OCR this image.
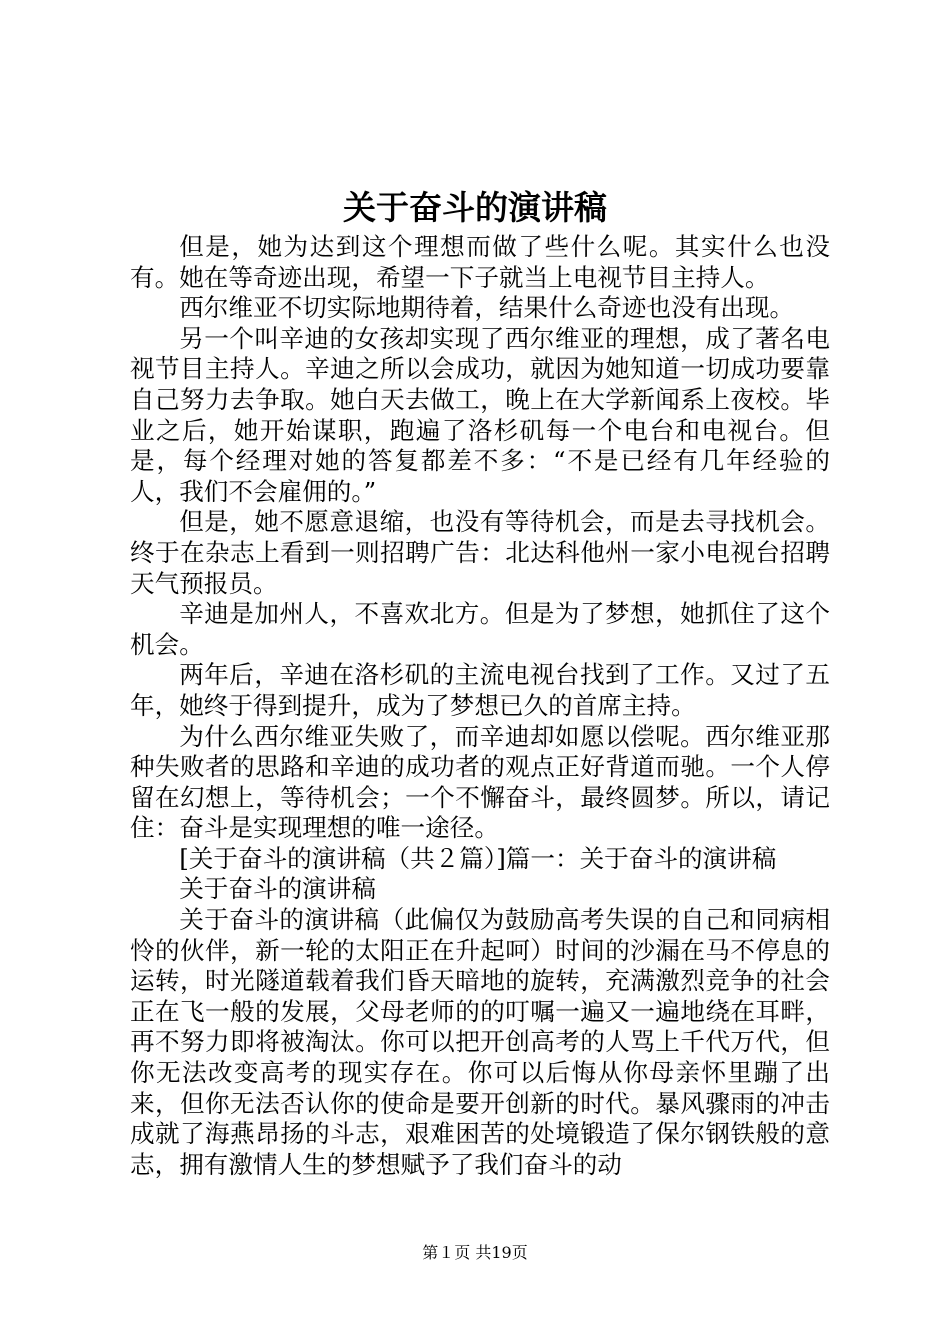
关于奋斗的演讲稿

但是，她为达到这个理想而做了些什么呢。其实什么也没有。她在等奇迹出现，希望一下子就当上电视节目主持人。

西尔维亚不切实际地期待着，结果什么奇迹也没有出现。

另一个叫辛迪的女孩却实现了西尔维亚的理想，成了著名电视节目主持人。辛迪之所以会成功，就因为她知道一切成功要靠自己努力去争取。她白天去做工，晚上在大学新闻系上夜校。毕业之后，她开始谋职，跑遍了洛杉矶每一个电台和电视台。但是，每个经理对她的答复都差不多：“不是已经有几年经验的人，我们不会雇佣的。”

但是，她不愿意退缩，也没有等待机会，而是去寻找机会。终于在杂志上看到一则招聘广告：北达科他州一家小电视台招聘天气预报员。

辛迪是加州人，不喜欢北方。但是为了梦想，她抓住了这个机会。

两年后，辛迪在洛杉矶的主流电视台找到了工作。又过了五年，她终于得到提升，成为了梦想已久的首席主持。

为什么西尔维亚失败了，而辛迪却如愿以偿呢。西尔维亚那种失败者的思路和辛迪的成功者的观点正好背道而驰。一个人停留在幻想上，等待机会；一个不懈奋斗，最终圆梦。所以，请记住：奋斗是实现理想的唯一途径。

[关于奋斗的演讲稿（共２篇）]篇一：关于奋斗的演讲稿

关于奋斗的演讲稿

关于奋斗的演讲稿（此偏仅为鼓励高考失误的自己和同病相怜的伙伴，新一轮的太阳正在升起呵）时间的沙漏在马不停息的运转，时光隧道载着我们昏天暗地的旋转，充满激烈竞争的社会正在飞一般的发展，父母老师的的叮嘱一遍又一遍地绕在耳畔，再不努力即将被淘汰。你可以把开创高考的人骂上千代万代，但你无法改变高考的现实存在。你可以后悔从你母亲怀里蹦了出来，但你无法否认你的使命是要开创新的时代。暴风骤雨的冲击成就了海燕昂扬的斗志，艰难困苦的处境锻造了保尔钢铁般的意志，拥有激情人生的梦想赋予了我们奋斗的动

第１页 共19页
